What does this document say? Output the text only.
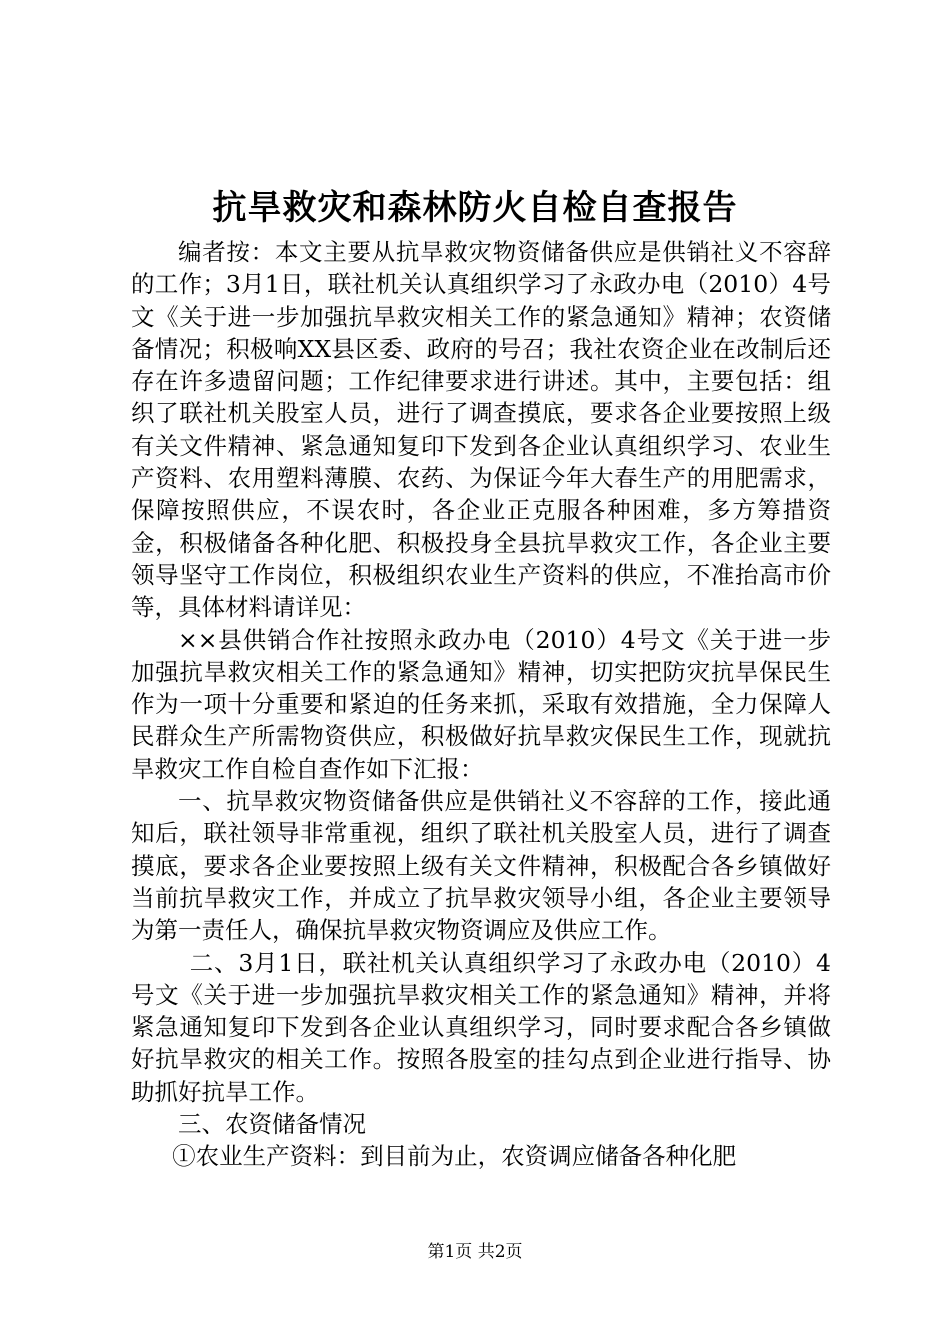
抗旱救灾和森林防火自检自查报告

编者按：本文主要从抗旱救灾物资储备供应是供销社义不容辞的工作；3月1日，联社机关认真组织学习了永政办电（2010）4号文《关于进一步加强抗旱救灾相关工作的紧急通知》精神；农资储备情况；积极响XX县区委、政府的号召；我社农资企业在改制后还存在许多遗留问题；工作纪律要求进行讲述。其中，主要包括：组织了联社机关股室人员，进行了调查摸底，要求各企业要按照上级有关文件精神、紧急通知复印下发到各企业认真组织学习、农业生产资料、农用塑料薄膜、农药、为保证今年大春生产的用肥需求，保障按照供应，不误农时，各企业正克服各种困难，多方筹措资金，积极储备各种化肥、积极投身全县抗旱救灾工作，各企业主要领导坚守工作岗位，积极组织农业生产资料的供应，不准抬高市价等，具体材料请详见：

××县供销合作社按照永政办电（2010）4号文《关于进一步加强抗旱救灾相关工作的紧急通知》精神，切实把防灾抗旱保民生作为一项十分重要和紧迫的任务来抓，采取有效措施，全力保障人民群众生产所需物资供应，积极做好抗旱救灾保民生工作，现就抗旱救灾工作自检自查作如下汇报：

一、抗旱救灾物资储备供应是供销社义不容辞的工作，接此通知后，联社领导非常重视，组织了联社机关股室人员，进行了调查摸底，要求各企业要按照上级有关文件精神，积极配合各乡镇做好当前抗旱救灾工作，并成立了抗旱救灾领导小组，各企业主要领导为第一责任人，确保抗旱救灾物资调应及供应工作。

二、3月1日，联社机关认真组织学习了永政办电（2010）4号文《关于进一步加强抗旱救灾相关工作的紧急通知》精神，并将紧急通知复印下发到各企业认真组织学习，同时要求配合各乡镇做好抗旱救灾的相关工作。按照各股室的挂勾点到企业进行指导、协助抓好抗旱工作。

三、农资储备情况

①农业生产资料：到目前为止，农资调应储备各种化肥

第1页 共2页
